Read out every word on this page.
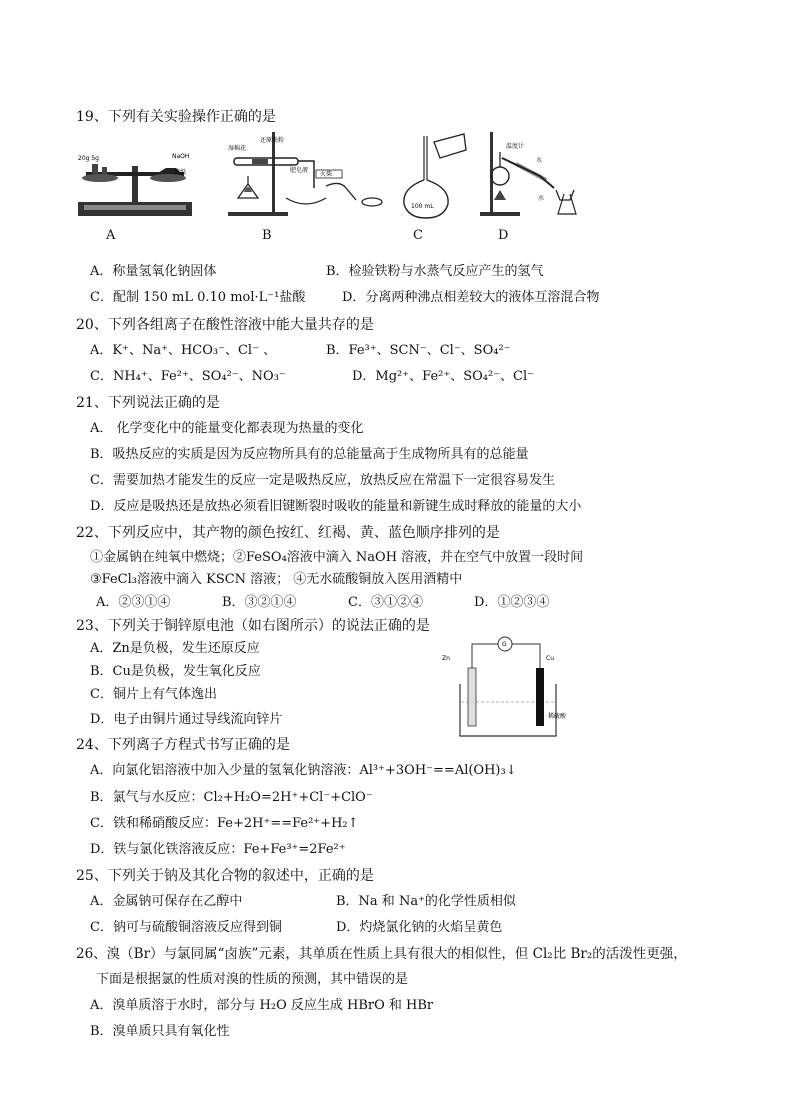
19、下列有关实验操作正确的是
20g 5g	NaOH
滤纸
湿棉花
还原铁粉
肥皂液
火柴
100 mL
温度计
水
水
A	B	C	D
A．称量氢氧化钠固体	B．检验铁粉与水蒸气反应产生的氢气
C．配制 150 mL 0.10 mol·L⁻¹盐酸	D．分离两种沸点相差较大的液体互溶混合物
20、下列各组离子在酸性溶液中能大量共存的是
A．K⁺、Na⁺、HCO₃⁻、Cl⁻ 、	B．Fe³⁺、SCN⁻、Cl⁻、SO₄²⁻
C．NH₄⁺、Fe²⁺、SO₄²⁻、NO₃⁻	D．Mg²⁺、Fe²⁺、SO₄²⁻、Cl⁻
21、下列说法正确的是
A． 化学变化中的能量变化都表现为热量的变化
B．吸热反应的实质是因为反应物所具有的总能量高于生成物所具有的总能量
C．需要加热才能发生的反应一定是吸热反应，放热反应在常温下一定很容易发生
D．反应是吸热还是放热必须看旧键断裂时吸收的能量和新键生成时释放的能量的大小
22、下列反应中，其产物的颜色按红、红褐、黄、蓝色顺序排列的是
①金属钠在纯氧中燃烧；②FeSO₄溶液中滴入 NaOH 溶液，并在空气中放置一段时间
③FeCl₃溶液中滴入 KSCN 溶液； ④无水硫酸铜放入医用酒精中
A．②③①④	B．③②①④	C．③①②④	D．①②③④
23、下列关于铜锌原电池（如右图所示）的说法正确的是
A．Zn是负极，发生还原反应
B．Cu是负极，发生氧化反应
C．铜片上有气体逸出
D．电子由铜片通过导线流向锌片
G
Zn	Cu
稀硫酸
24、下列离子方程式书写正确的是
A．向氯化铝溶液中加入少量的氢氧化钠溶液：Al³⁺+3OH⁻==Al(OH)₃↓
B．氯气与水反应：Cl₂+H₂O=2H⁺+Cl⁻+ClO⁻
C．铁和稀硝酸反应：Fe+2H⁺==Fe²⁺+H₂↑
D．铁与氯化铁溶液反应：Fe+Fe³⁺=2Fe²⁺
25、下列关于钠及其化合物的叙述中，正确的是
A．金属钠可保存在乙醇中	B．Na 和 Na⁺的化学性质相似
C．钠可与硫酸铜溶液反应得到铜	D．灼烧氯化钠的火焰呈黄色
26、溴（Br）与氯同属“卤族”元素，其单质在性质上具有很大的相似性，但 Cl₂比 Br₂的活泼性更强，
下面是根据氯的性质对溴的性质的预测，其中错误的是
A．溴单质溶于水时，部分与 H₂O 反应生成 HBrO 和 HBr
B．溴单质只具有氧化性
